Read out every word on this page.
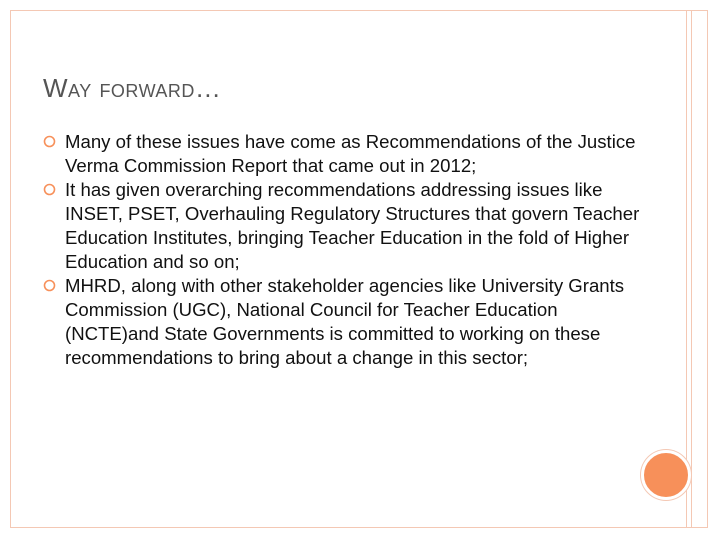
Way forward…
Many of these issues have come as Recommendations of the Justice Verma Commission Report that came out in 2012;
It has given overarching recommendations addressing issues like INSET, PSET, Overhauling Regulatory Structures that govern Teacher Education Institutes, bringing Teacher Education in the fold of Higher Education and so on;
MHRD, along with other stakeholder agencies like University Grants Commission (UGC), National Council for Teacher Education (NCTE)and State Governments is committed to working on these recommendations to bring about a change in this sector;
